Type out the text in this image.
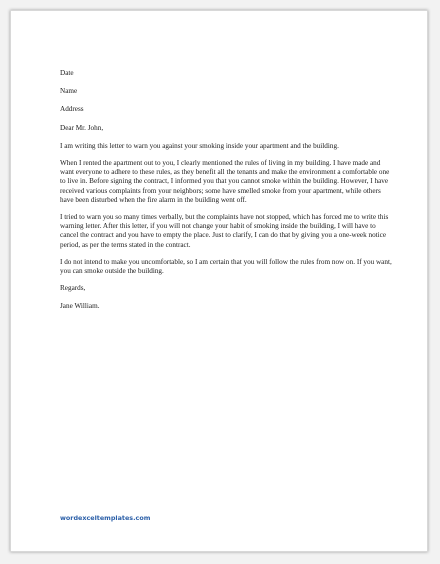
Date
Name
Address
Dear Mr. John,
I am writing this letter to warn you against your smoking inside your apartment and the building.
When I rented the apartment out to you, I clearly mentioned the rules of living in my building. I have made and want everyone to adhere to these rules, as they benefit all the tenants and make the environment a comfortable one to live in. Before signing the contract, I informed you that you cannot smoke within the building. However, I have received various complaints from your neighbors; some have smelled smoke from your apartment, while others have been disturbed when the fire alarm in the building went off.
I tried to warn you so many times verbally, but the complaints have not stopped, which has forced me to write this warning letter. After this letter, if you will not change your habit of smoking inside the building, I will have to cancel the contract and you have to empty the place. Just to clarify, I can do that by giving you a one-week notice period, as per the terms stated in the contract.
I do not intend to make you uncomfortable, so I am certain that you will follow the rules from now on. If you want, you can smoke outside the building.
Regards,
Jane William.
wordexceltemplates.com
